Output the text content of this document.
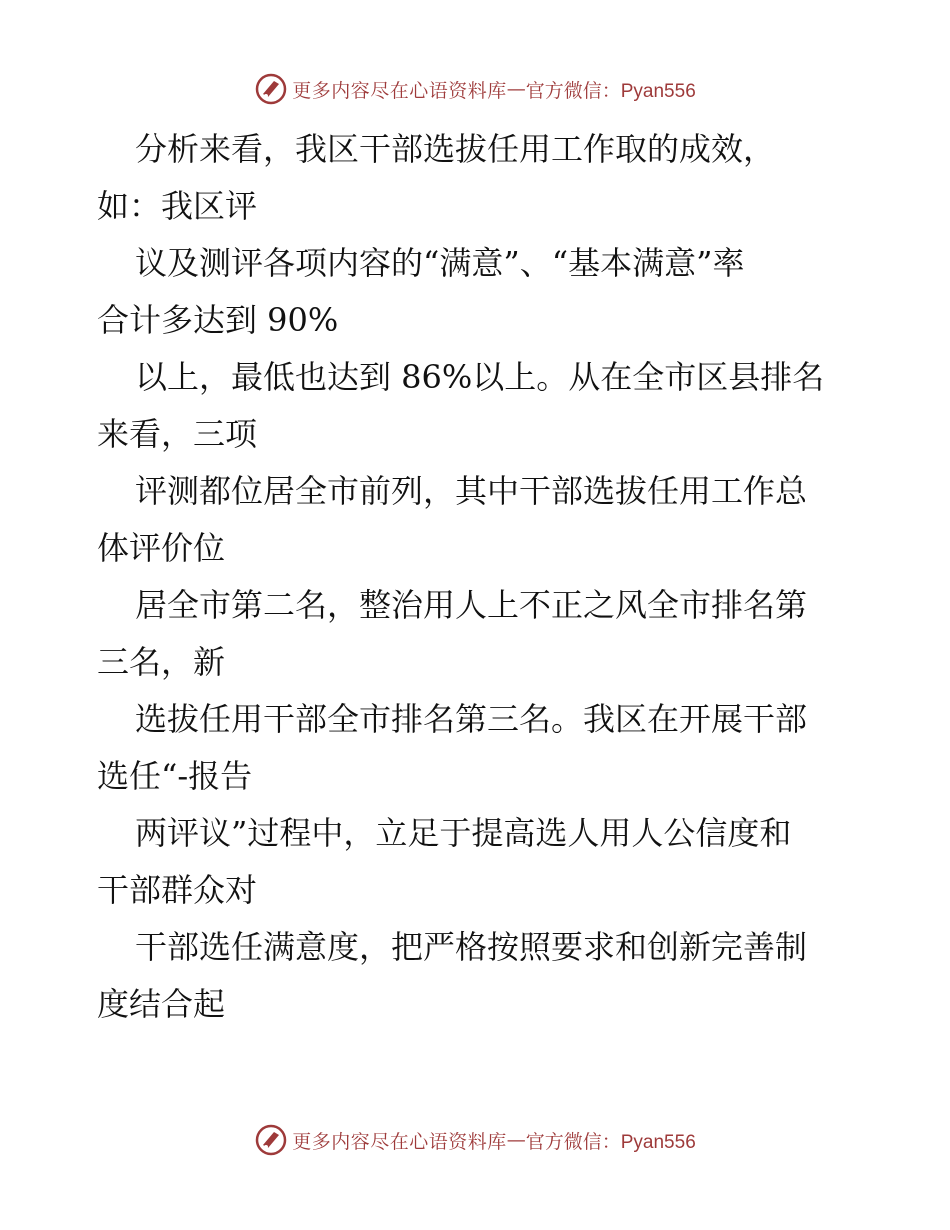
更多内容尽在心语资料库 — 官方微信：Pyan556
分析来看，我区干部选拔任用工作取的成效，
如：我区评
议及测评各项内容的“满意”、“基本满意”率
合计多达到 90%
以上，最低也达到 86%以上。从在全市区县排名
来看，三项
评测都位居全市前列，其中干部选拔任用工作总
体评价位
居全市第二名，整治用人上不正之风全市排名第
三名，新
选拔任用干部全市排名第三名。我区在开展干部
选任“-报告
两评议”过程中，立足于提高选人用人公信度和
干部群众对
干部选任满意度，把严格按照要求和创新完善制
度结合起
更多内容尽在心语资料库 — 官方微信：Pyan556
